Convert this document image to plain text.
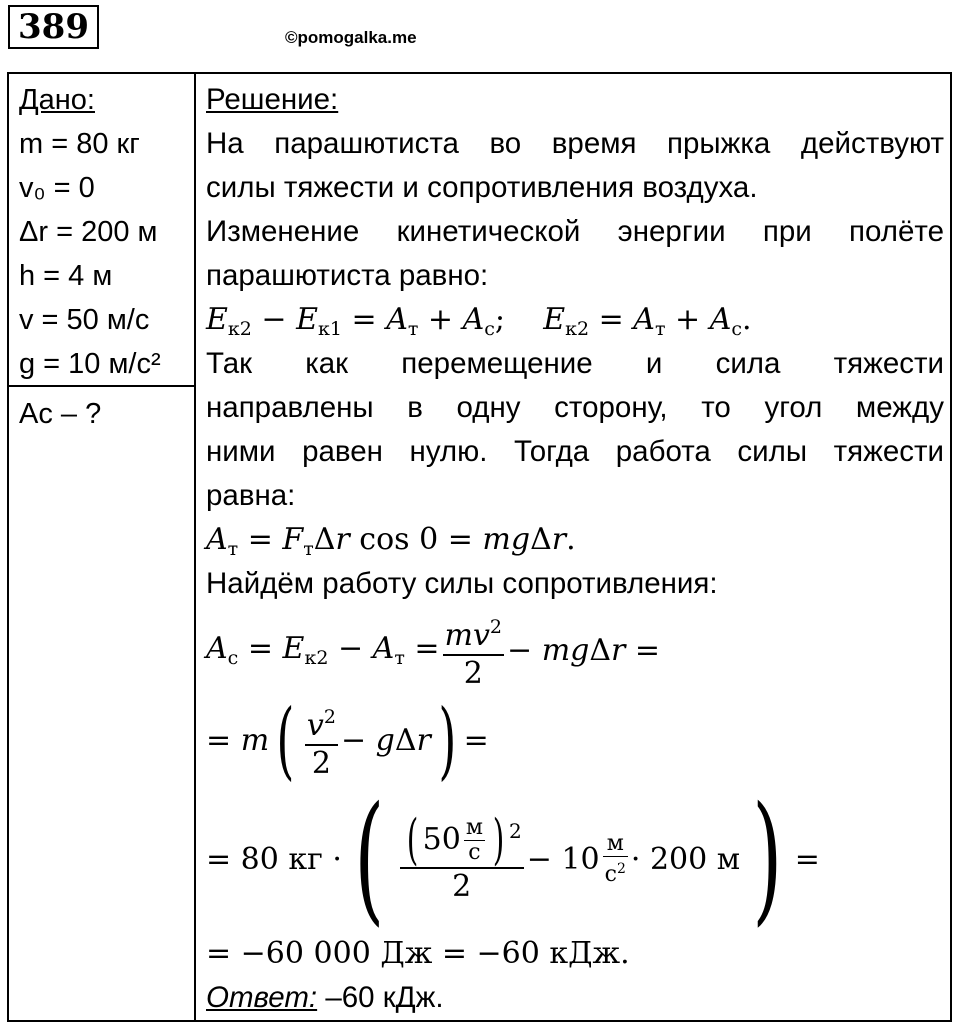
389	©pomogalka.me
Дано:
m = 80 кг
v₀ = 0
Δr = 200 м
h = 4 м
v = 50 м/с
g = 10 м/с²
Aс – ?
Решение:
На парашютиста во время прыжка действуют
силы тяжести и сопротивления воздуха.
Изменение кинетической энергии при полёте
парашютиста равно:
$E_{к2} - E_{к1} = A_т + A_с$;    $E_{к2} = A_т + A_с$.
Так как перемещение и сила тяжести
направлены в одну сторону, то угол между
ними равен нулю. Тогда работа силы тяжести
равна:
$A_т = F_т\Delta r$ cos 0 = mgΔr.
Найдём работу силы сопротивления:
$A_с = E_{к2} - A_т = \frac{mv^2}{2} - mg\Delta r$ =
= m ( $\frac{v^2}{2} - g\Delta r$ ) =
= 80 кг · ( $\frac{( 50 \frac{м}{с} )^2}{2} - 10 \frac{м}{с^2} \cdot 200$ м ) =
= −60 000 Дж = −60 кДж.
Ответ: –60 кДж.
